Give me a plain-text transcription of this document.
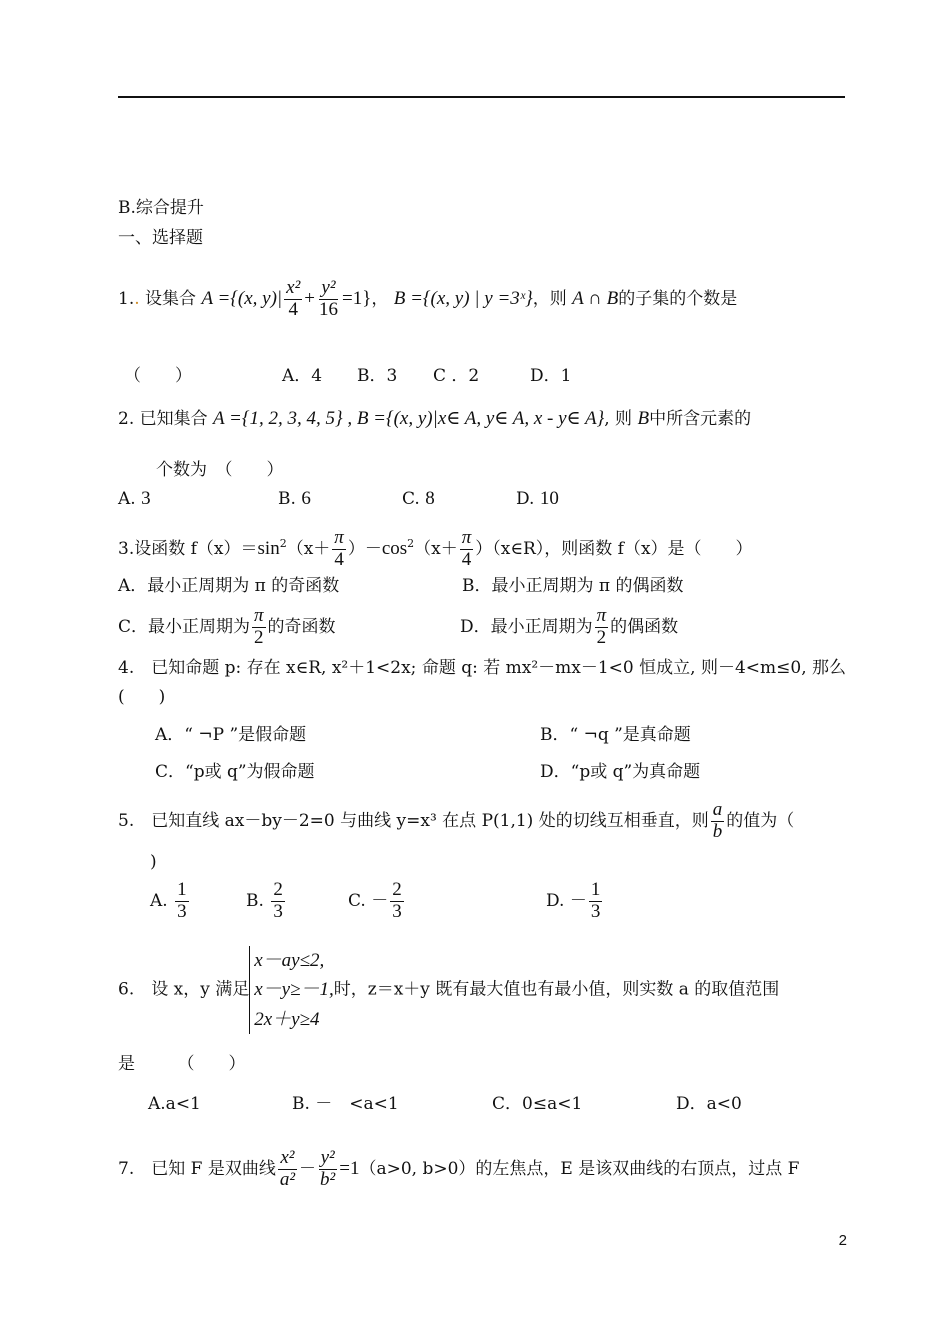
B.综合提升
一、选择题
1.. 设集合 A ={(x, $y)| \frac{\text{x²}}{4} + \frac{\text{y²}}{16} =1$}， B ={(x, y) | y =3ˣ}，则 A ∩ B的子集的个数是
（　　）	A．4 B．3 C ．2	D．1
2. 已知集合 A ={1, 2, 3, 4, 5} , B ={(x, y)|x∈ A, y∈ A, x - y∈ A}, 则 B中所含元素的
个数为　（　　）
A. 3	B. 6	C. 8	D. 10
3.设函数 $f(x)=\sin^2(x+ \frac{\pi}{4} )-\cos^2(x+ \frac{\pi}{4}$ ）（x∈R），则函数 f（x）是（　　）
A．最小正周期为 π 的奇函数	B．最小正周期为 π 的偶函数
C．最小正周期为 $\frac{\pi}{2}$ 的奇函数	D．最小正周期为 $\frac{\pi}{2}$ 的偶函数
4.　已知命题 p: 存在 x∈R, x²＋1<2x; 命题 q: 若 mx²－mx－1<0 恒成立, 则－4<m≤0, 那么
(　　)
A．“ ¬P ”是假命题	B．“ ¬q ”是真命题
C．“p或 q”为假命题	D．“p或 q”为真命题
5.　已知直线 ax－by－2=0 与曲线 y=x³ 在点 P(1,1) 处的切线互相垂直，则 $\frac{a}{b}$ 的值为（
)
A. $\frac{1}{3}$	B. $\frac{2}{3}$	C. － $\frac{2}{3}$	D. － $\frac{1}{3}$
6.　设 x，y 满足x－ay≤2,
x－y≥－1,
2x＋y≥4时，z＝x＋y 既有最大值也有最小值，则实数 a 的取值范围
是　　　（　　）
A.a<1	B. －　<a<1	C．0≤a<1	D．a<0
7.　已知 F 是双曲线 $\frac{\text{x²}}{\text{a²}} - \frac{\text{y²}}{\text{b²}} =1(a>0$, b>0）的左焦点，E 是该双曲线的右顶点，过点 F
2
